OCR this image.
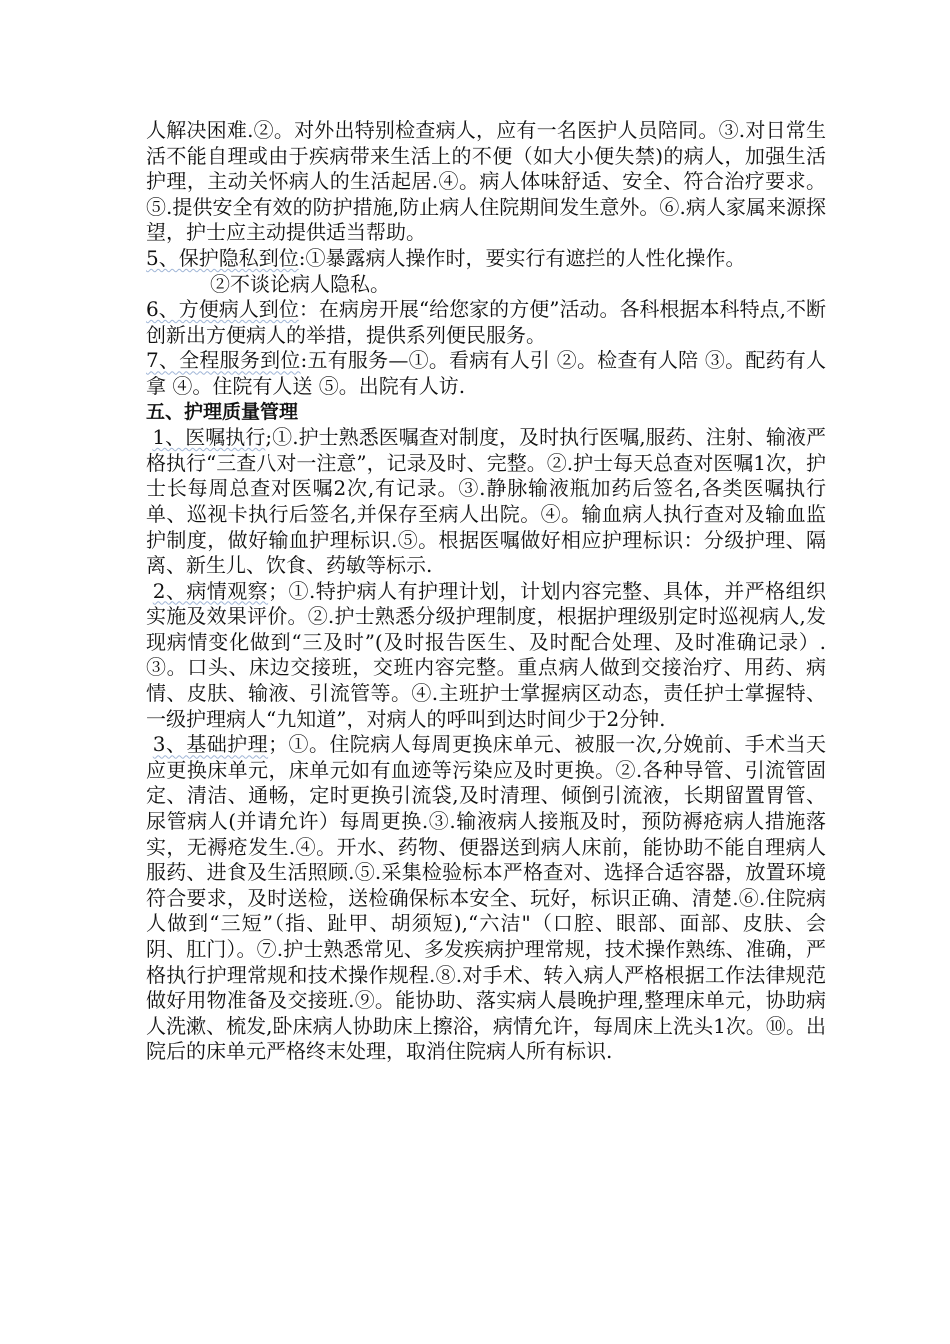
人解决困难.②。对外出特别检查病人，应有一名医护人员陪同。③.对日常生活不能自理或由于疾病带来生活上的不便（如大小便失禁)的病人，加强生活护理，主动关怀病人的生活起居.④。病人体味舒适、安全、符合治疗要求。⑤.提供安全有效的防护措施,防止病人住院期间发生意外。⑥.病人家属来源探望，护士应主动提供适当帮助。

5、保护隐私到位:①暴露病人操作时，要实行有遮拦的人性化操作。

②不谈论病人隐私。

6、方便病人到位：在病房开展“给您家的方便”活动。各科根据本科特点,不断创新出方便病人的举措，提供系列便民服务。

7、全程服务到位:五有服务—①。看病有人引 ②。检查有人陪 ③。配药有人拿 ④。住院有人送 ⑤。出院有人访.

五、护理质量管理

1、医嘱执行;①.护士熟悉医嘱查对制度，及时执行医嘱,服药、注射、输液严格执行“三查八对一注意”，记录及时、完整。②.护士每天总查对医嘱1次，护士长每周总查对医嘱2次,有记录。③.静脉输液瓶加药后签名,各类医嘱执行单、巡视卡执行后签名,并保存至病人出院。④。输血病人执行查对及输血监护制度，做好输血护理标识.⑤。根据医嘱做好相应护理标识：分级护理、隔离、新生儿、饮食、药敏等标示.

2、病情观察；①.特护病人有护理计划，计划内容完整、具体，并严格组织实施及效果评价。②.护士熟悉分级护理制度，根据护理级别定时巡视病人,发现病情变化做到“三及时”(及时报告医生、及时配合处理、及时准确记录）.③。口头、床边交接班，交班内容完整。重点病人做到交接治疗、用药、病情、皮肤、输液、引流管等。④.主班护士掌握病区动态，责任护士掌握特、一级护理病人“九知道”，对病人的呼叫到达时间少于2分钟.

3、基础护理；①。住院病人每周更换床单元、被服一次,分娩前、手术当天应更换床单元，床单元如有血迹等污染应及时更换。②.各种导管、引流管固定、清洁、通畅，定时更换引流袋,及时清理、倾倒引流液，长期留置胃管、尿管病人(并请允许）每周更换.③.输液病人接瓶及时，预防褥疮病人措施落实，无褥疮发生.④。开水、药物、便器送到病人床前，能协助不能自理病人服药、进食及生活照顾.⑤.采集检验标本严格查对、选择合适容器，放置环境符合要求，及时送检，送检确保标本安全、玩好，标识正确、清楚.⑥.住院病人做到“三短”（指、趾甲、胡须短),“六洁"（口腔、眼部、面部、皮肤、会阴、肛门）。⑦.护士熟悉常见、多发疾病护理常规，技术操作熟练、准确，严格执行护理常规和技术操作规程.⑧.对手术、转入病人严格根据工作法律规范做好用物准备及交接班.⑨。能协助、落实病人晨晚护理,整理床单元，协助病人洗漱、梳发,卧床病人协助床上擦浴，病情允许，每周床上洗头1次。⑩。出院后的床单元严格终末处理，取消住院病人所有标识.
